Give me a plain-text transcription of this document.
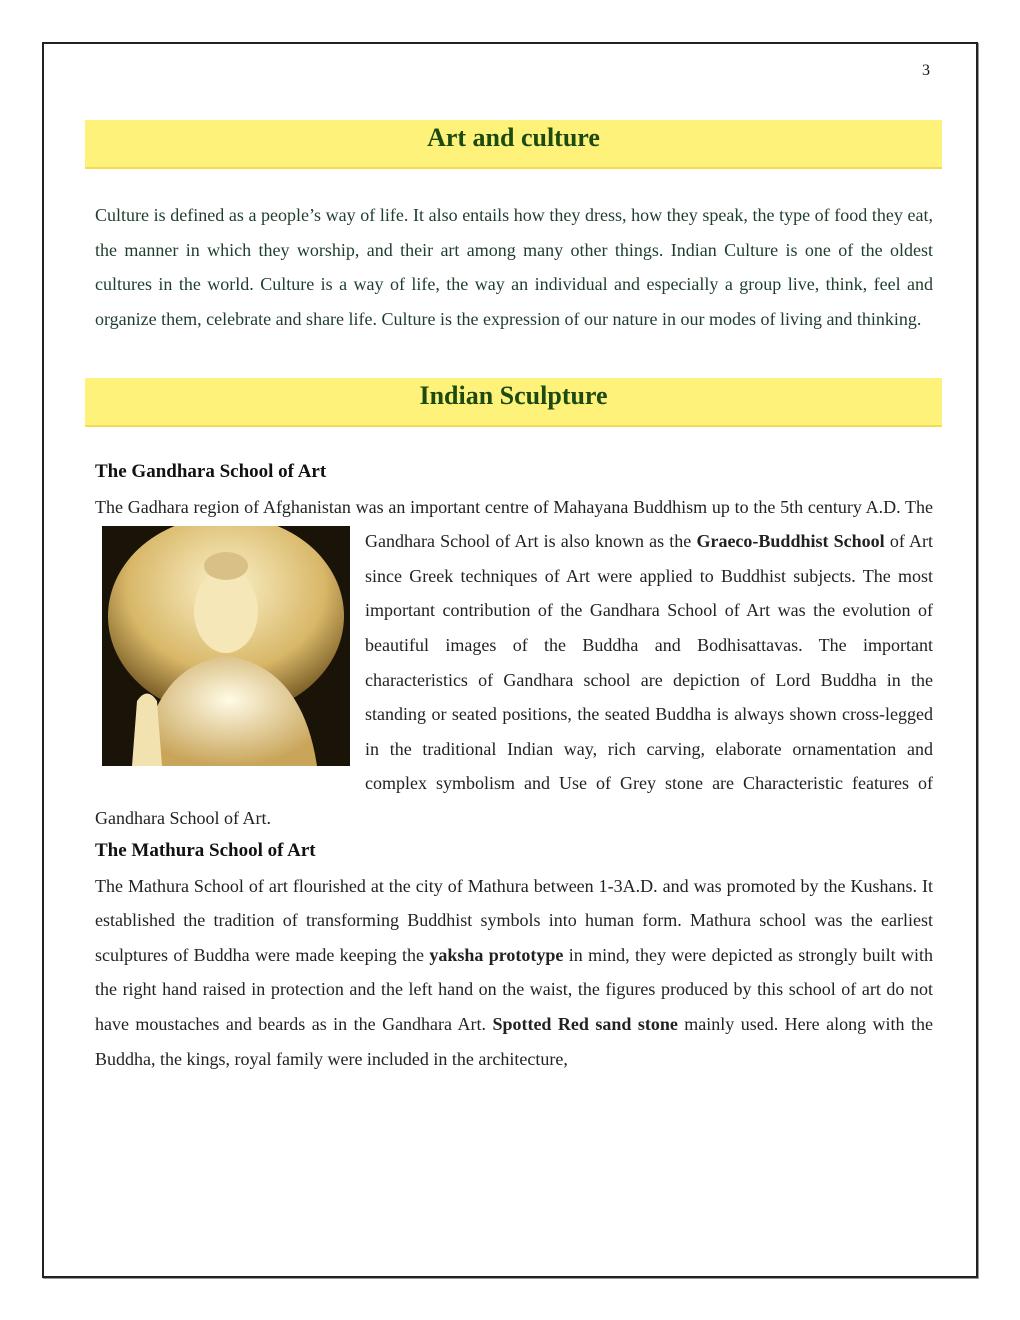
3
Art and culture

Culture is defined as a people’s way of life. It also entails how they dress, how they speak, the type of food they eat, the manner in which they worship, and their art among many other things. Indian Culture is one of the oldest cultures in the world. Culture is a way of life, the way an individual and especially a group live, think, feel and organize them, celebrate and share life. Culture is the expression of our nature in our modes of living and thinking.

Indian Sculpture
The Gandhara School of Art

The Gadhara region of Afghanistan was an important centre of Mahayana Buddhism up to the 5th century A.D. The Gandhara School of Art is also known as the Graeco-Buddhist School
of Art since Greek techniques of Art were applied to Buddhist subjects. The most important contribution of the Gandhara School of Art was the evolution of beautiful images of the Buddha and Bodhisattavas. The important characteristics of Gandhara school are depiction of Lord Buddha in the standing or seated positions, the seated Buddha is always shown cross-legged in the traditional Indian way, rich carving, elaborate ornamentation and complex symbolism and Use of Grey stone are Characteristic features of Gandhara School of Art.

The Mathura School of Art

The Mathura School of art flourished at the city of Mathura between 1-3A.D. and was promoted by the Kushans. It established the tradition of transforming Buddhist symbols into human form. Mathura school was the earliest sculptures of Buddha were made keeping the yaksha prototype in mind, they were depicted as strongly built with the right hand raised in protection and the left hand on the waist, the figures produced by this school of art do not have moustaches and beards as in the Gandhara Art. Spotted Red sand stone mainly used. Here along with the Buddha, the kings, royal family were included in the architecture,
